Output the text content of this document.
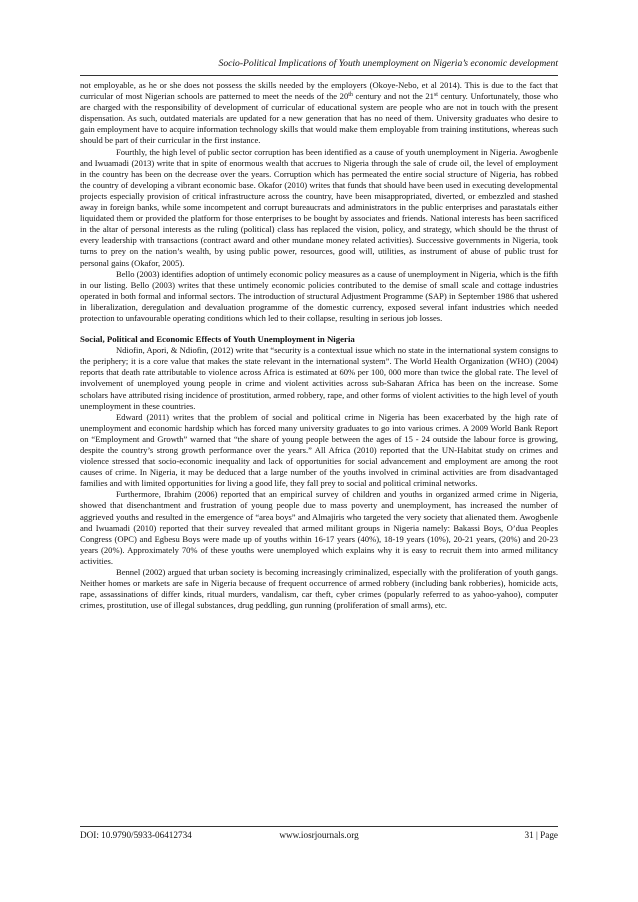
Socio-Political Implications of Youth unemployment on Nigeria’s economic development

not employable, as he or she does not possess the skills needed by the employers (Okoye-Nebo, et al 2014). This is due to the fact that curricular of most Nigerian schools are patterned to meet the needs of the 20th century and not the 21st century. Unfortunately, those who are charged with the responsibility of development of curricular of educational system are people who are not in touch with the present dispensation. As such, outdated materials are updated for a new generation that has no need of them. University graduates who desire to gain employment have to acquire information technology skills that would make them employable from training institutions, whereas such should be part of their curricular in the first instance.

Fourthly, the high level of public sector corruption has been identified as a cause of youth unemployment in Nigeria. Awogbenle and Iwuamadi (2013) write that in spite of enormous wealth that accrues to Nigeria through the sale of crude oil, the level of employment in the country has been on the decrease over the years. Corruption which has permeated the entire social structure of Nigeria, has robbed the country of developing a vibrant economic base. Okafor (2010) writes that funds that should have been used in executing developmental projects especially provision of critical infrastructure across the country, have been misappropriated, diverted, or embezzled and stashed away in foreign banks, while some incompetent and corrupt bureaucrats and administrators in the public enterprises and parastatals either liquidated them or provided the platform for those enterprises to be bought by associates and friends. National interests has been sacrificed in the altar of personal interests as the ruling (political) class has replaced the vision, policy, and strategy, which should be the thrust of every leadership with transactions (contract award and other mundane money related activities). Successive governments in Nigeria, took turns to prey on the nation’s wealth, by using public power, resources, good will, utilities, as instrument of abuse of public trust for personal gains (Okafor, 2005).

Bello (2003) identifies adoption of untimely economic policy measures as a cause of unemployment in Nigeria, which is the fifth in our listing. Bello (2003) writes that these untimely economic policies contributed to the demise of small scale and cottage industries operated in both formal and informal sectors. The introduction of structural Adjustment Programme (SAP) in September 1986 that ushered in liberalization, deregulation and devaluation programme of the domestic currency, exposed several infant industries which needed protection to unfavourable operating conditions which led to their collapse, resulting in serious job losses.

Social, Political and Economic Effects of Youth Unemployment in Nigeria

Ndiofin, Apori, & Ndiofin, (2012) write that “security is a contextual issue which no state in the international system consigns to the periphery; it is a core value that makes the state relevant in the international system”. The World Health Organization (WHO) (2004) reports that death rate attributable to violence across Africa is estimated at 60% per 100, 000 more than twice the global rate. The level of involvement of unemployed young people in crime and violent activities across sub-Saharan Africa has been on the increase. Some scholars have attributed rising incidence of prostitution, armed robbery, rape, and other forms of violent activities to the high level of youth unemployment in these countries.

Edward (2011) writes that the problem of social and political crime in Nigeria has been exacerbated by the high rate of unemployment and economic hardship which has forced many university graduates to go into various crimes. A 2009 World Bank Report on “Employment and Growth” warned that “the share of young people between the ages of 15 - 24 outside the labour force is growing, despite the country’s strong growth performance over the years.” All Africa (2010) reported that the UN-Habitat study on crimes and violence stressed that socio-economic inequality and lack of opportunities for social advancement and employment are among the root causes of crime. In Nigeria, it may be deduced that a large number of the youths involved in criminal activities are from disadvantaged families and with limited opportunities for living a good life, they fall prey to social and political criminal networks.

Furthermore, Ibrahim (2006) reported that an empirical survey of children and youths in organized armed crime in Nigeria, showed that disenchantment and frustration of young people due to mass poverty and unemployment, has increased the number of aggrieved youths and resulted in the emergence of “area boys” and Almajiris who targeted the very society that alienated them. Awogbenle and Iwuamadi (2010) reported that their survey revealed that armed militant groups in Nigeria namely: Bakassi Boys, O’dua Peoples Congress (OPC) and Egbesu Boys were made up of youths within 16-17 years (40%), 18-19 years (10%), 20-21 years, (20%) and 20-23 years (20%). Approximately 70% of these youths were unemployed which explains why it is easy to recruit them into armed militancy activities.

Bennel (2002) argued that urban society is becoming increasingly criminalized, especially with the proliferation of youth gangs. Neither homes or markets are safe in Nigeria because of frequent occurrence of armed robbery (including bank robberies), homicide acts, rape, assassinations of differ kinds, ritual murders, vandalism, car theft, cyber crimes (popularly referred to as yahoo-yahoo), computer crimes, prostitution, use of illegal substances, drug peddling, gun running (proliferation of small arms), etc.

DOI: 10.9790/5933-06412734	www.iosrjournals.org	31 | Page
